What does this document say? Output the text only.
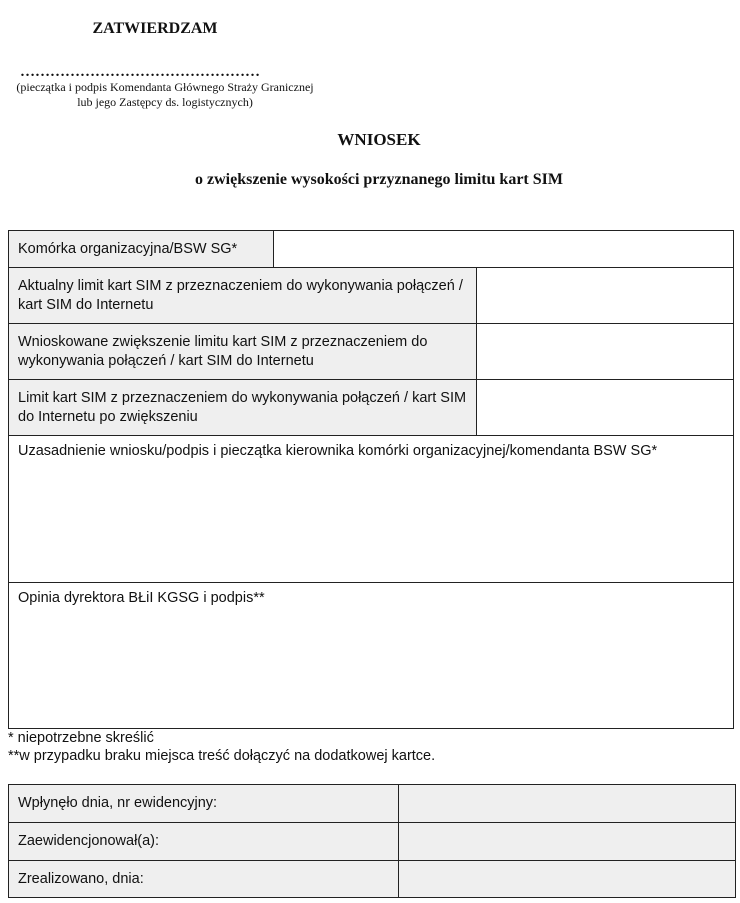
ZATWIERDZAM
…………………………………………
(pieczątka i podpis Komendanta Głównego Straży Granicznej
lub jego Zastępcy ds. logistycznych)
WNIOSEK
o zwiększenie wysokości przyznanego limitu kart SIM
Komórka organizacyjna/BSW SG*
Aktualny limit kart SIM z przeznaczeniem do wykonywania połączeń / kart SIM do Internetu
Wnioskowane zwiększenie limitu kart SIM z przeznaczeniem do wykonywania połączeń / kart SIM do Internetu
Limit kart SIM z przeznaczeniem do wykonywania połączeń / kart SIM do Internetu po zwiększeniu
Uzasadnienie wniosku/podpis i pieczątka kierownika komórki organizacyjnej/komendanta BSW SG*
Opinia dyrektora BŁiI KGSG i podpis**
* niepotrzebne skreślić
**w przypadku braku miejsca treść dołączyć na dodatkowej kartce.
Wpłynęło dnia, nr ewidencyjny:
Zaewidencjonował(a):
Zrealizowano, dnia:
